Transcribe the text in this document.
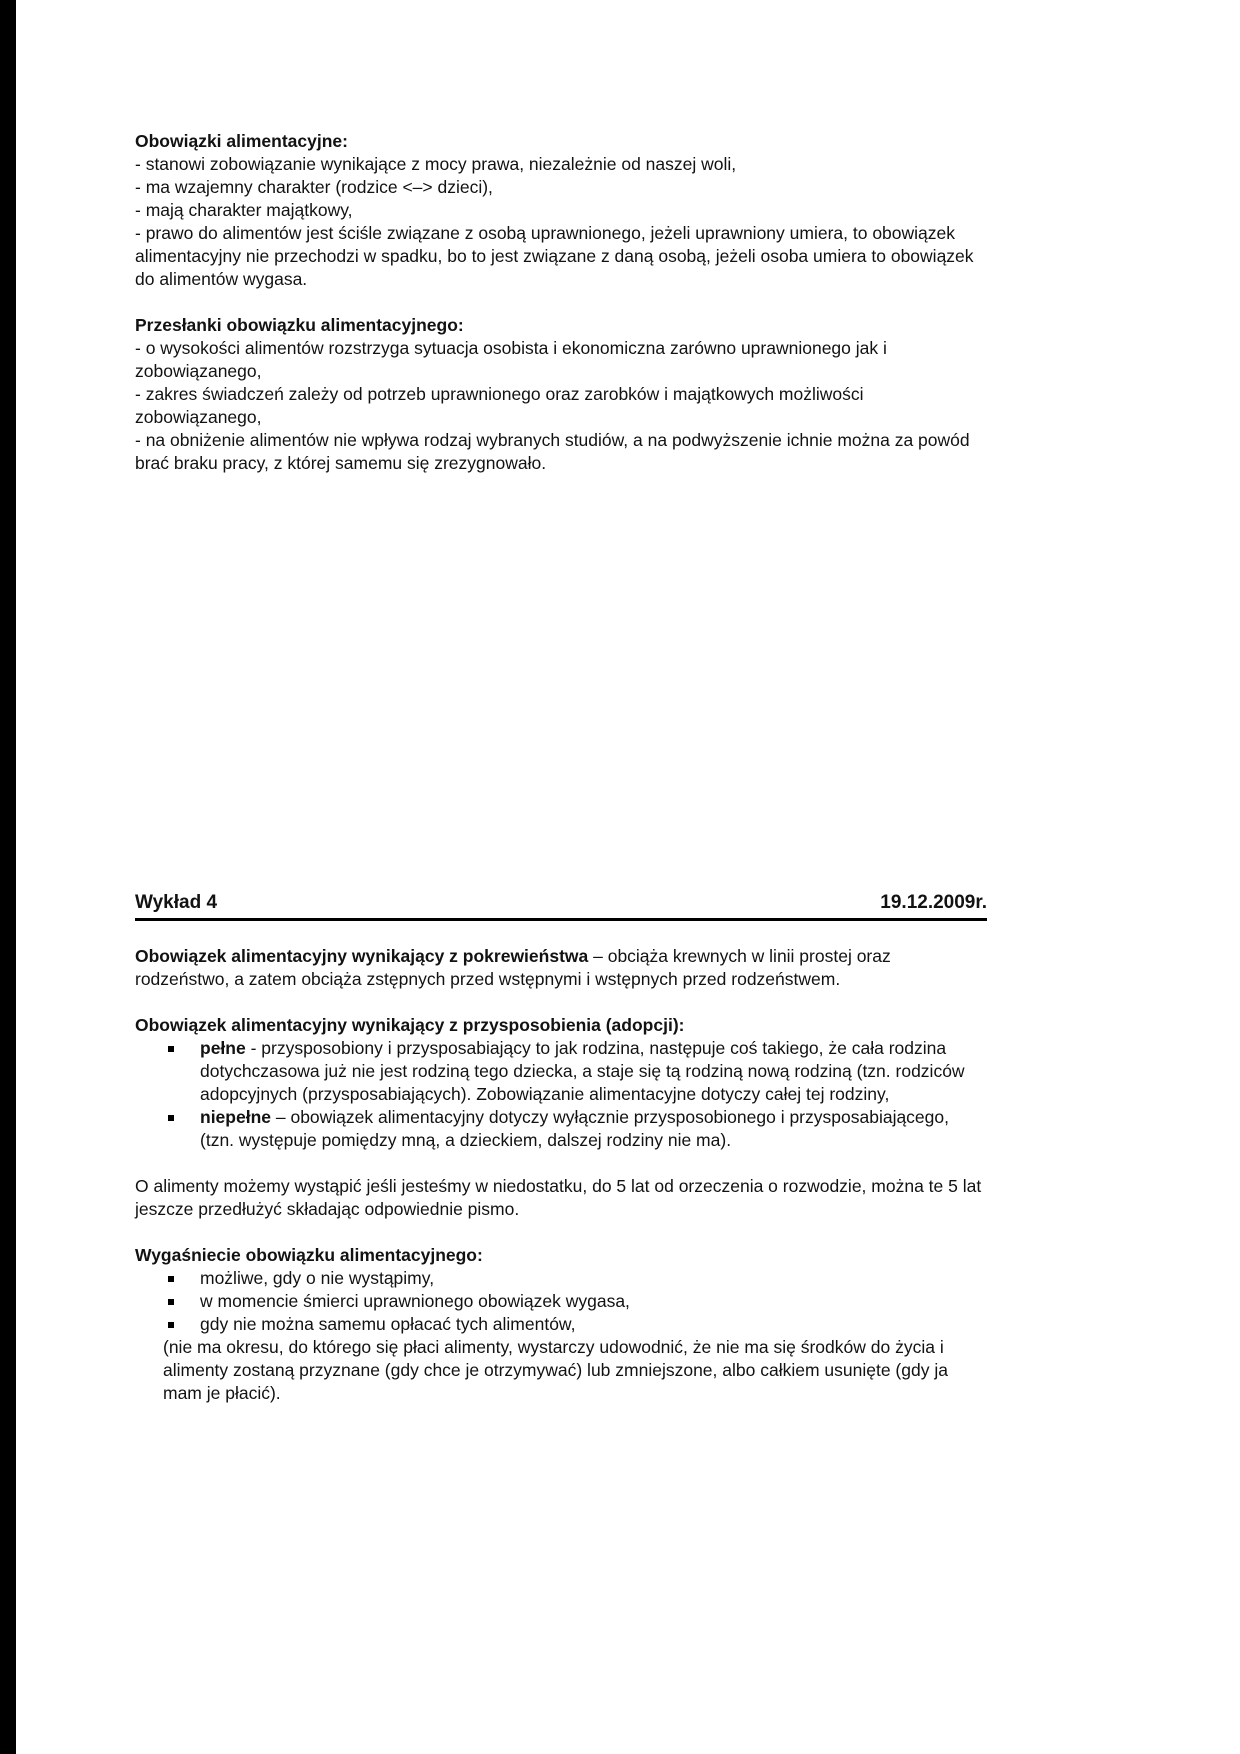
Obowiązki alimentacyjne:
- stanowi zobowiązanie wynikające z mocy prawa, niezależnie od naszej woli,
- ma wzajemny charakter (rodzice <–> dzieci),
- mają charakter majątkowy,
- prawo do alimentów jest ściśle związane z osobą uprawnionego, jeżeli uprawniony umiera, to obowiązek alimentacyjny nie przechodzi w spadku, bo to jest związane z daną osobą, jeżeli osoba umiera to obowiązek do alimentów wygasa.
Przesłanki obowiązku alimentacyjnego:
- o wysokości alimentów rozstrzyga sytuacja osobista i ekonomiczna zarówno uprawnionego jak i zobowiązanego,
- zakres świadczeń zależy od potrzeb uprawnionego oraz zarobków i majątkowych możliwości zobowiązanego,
- na obniżenie alimentów nie wpływa rodzaj wybranych studiów, a na podwyższenie ichnie można za powód brać braku pracy, z której samemu się zrezygnowało.
Wykład 4	19.12.2009r.
Obowiązek alimentacyjny wynikający z pokrewieństwa – obciąża krewnych w linii prostej oraz rodzeństwo, a zatem obciąża zstępnych przed wstępnymi i wstępnych przed rodzeństwem.
Obowiązek alimentacyjny wynikający z przysposobienia (adopcji):
pełne - przysposobiony i przysposabiający to jak rodzina, następuje coś takiego, że cała rodzina dotychczasowa już nie jest rodziną tego dziecka, a staje się tą rodziną nową rodziną (tzn. rodziców adopcyjnych (przysposabiających). Zobowiązanie alimentacyjne dotyczy całej tej rodziny,
niepełne – obowiązek alimentacyjny dotyczy wyłącznie przysposobionego i przysposabiającego, (tzn. występuje pomiędzy mną, a dzieckiem, dalszej rodziny nie ma).
O alimenty możemy wystąpić jeśli jesteśmy w niedostatku, do 5 lat od orzeczenia o rozwodzie, można te 5 lat jeszcze przedłużyć składając odpowiednie pismo.
Wygaśniecie obowiązku alimentacyjnego:
możliwe, gdy o nie wystąpimy,
w momencie śmierci uprawnionego obowiązek wygasa,
gdy nie można samemu opłacać tych alimentów,
(nie ma okresu, do którego się płaci alimenty, wystarczy udowodnić, że nie ma się środków do życia i alimenty zostaną przyznane (gdy chce je otrzymywać) lub zmniejszone, albo całkiem usunięte (gdy ja mam je płacić).
